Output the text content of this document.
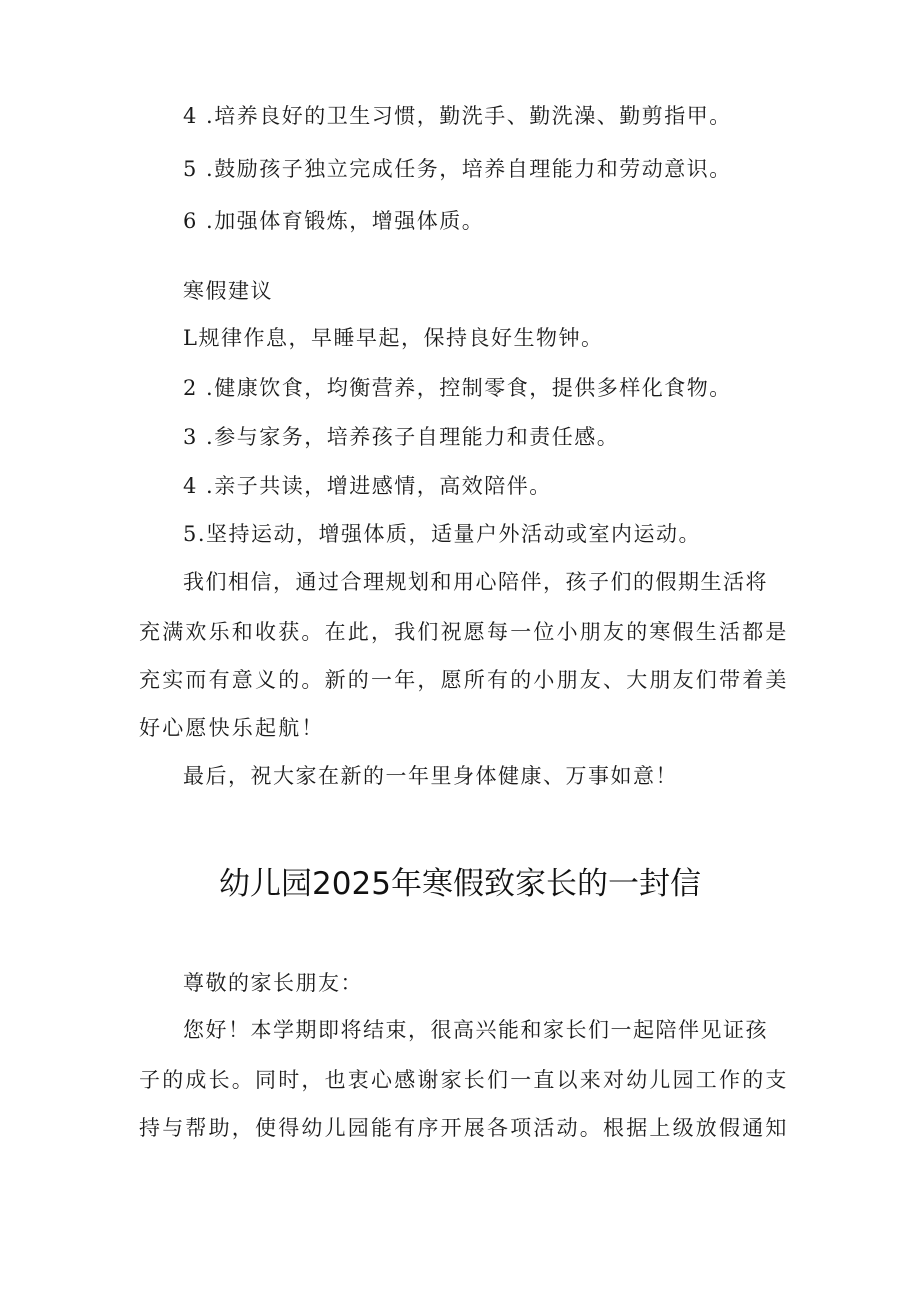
4 .培养良好的卫生习惯，勤洗手、勤洗澡、勤剪指甲。

5 .鼓励孩子独立完成任务，培养自理能力和劳动意识。

6 .加强体育锻炼，增强体质。

寒假建议

L规律作息，早睡早起，保持良好生物钟。

2 .健康饮食，均衡营养，控制零食，提供多样化食物。

3 .参与家务，培养孩子自理能力和责任感。

4 .亲子共读，增进感情，高效陪伴。

5.坚持运动，增强体质，适量户外活动或室内运动。

我们相信，通过合理规划和用心陪伴，孩子们的假期生活将

充满欢乐和收获。在此，我们祝愿每一位小朋友的寒假生活都是

充实而有意义的。新的一年，愿所有的小朋友、大朋友们带着美

好心愿快乐起航！

最后，祝大家在新的一年里身体健康、万事如意！

幼儿园2025年寒假致家长的一封信

尊敬的家长朋友：

您好！本学期即将结束，很高兴能和家长们一起陪伴见证孩

子的成长。同时，也衷心感谢家长们一直以来对幼儿园工作的支

持与帮助，使得幼儿园能有序开展各项活动。根据上级放假通知
